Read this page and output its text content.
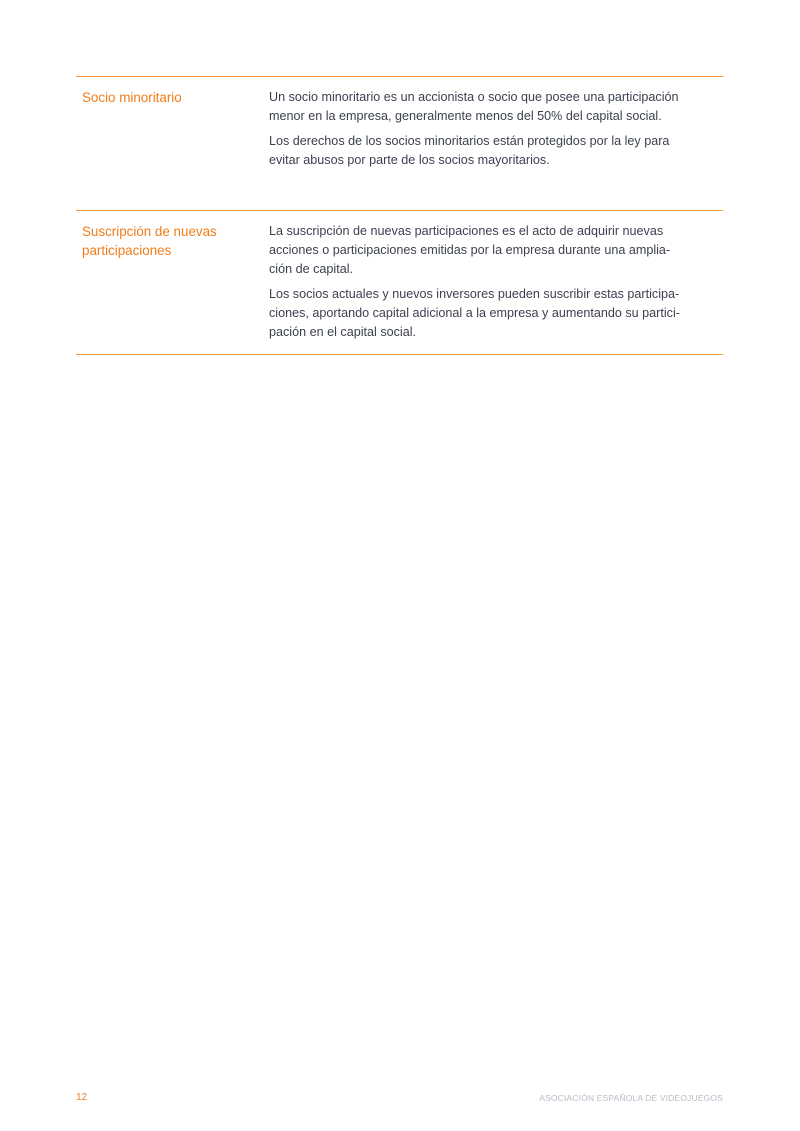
Socio minoritario	Un socio minoritario es un accionista o socio que posee una participación
menor en la empresa, generalmente menos del 50% del capital social.

Los derechos de los socios minoritarios están protegidos por la ley para
evitar abusos por parte de los socios mayoritarios.

Suscripción de nuevas participaciones

La suscripción de nuevas participaciones es el acto de adquirir nuevas
acciones o participaciones emitidas por la empresa durante una amplia-
ción de capital.

Los socios actuales y nuevos inversores pueden suscribir estas participa-
ciones, aportando capital adicional a la empresa y aumentando su partici-
pación en el capital social.

12	ASOCIACIÓN ESPAÑOLA DE VIDEOJUEGOS
